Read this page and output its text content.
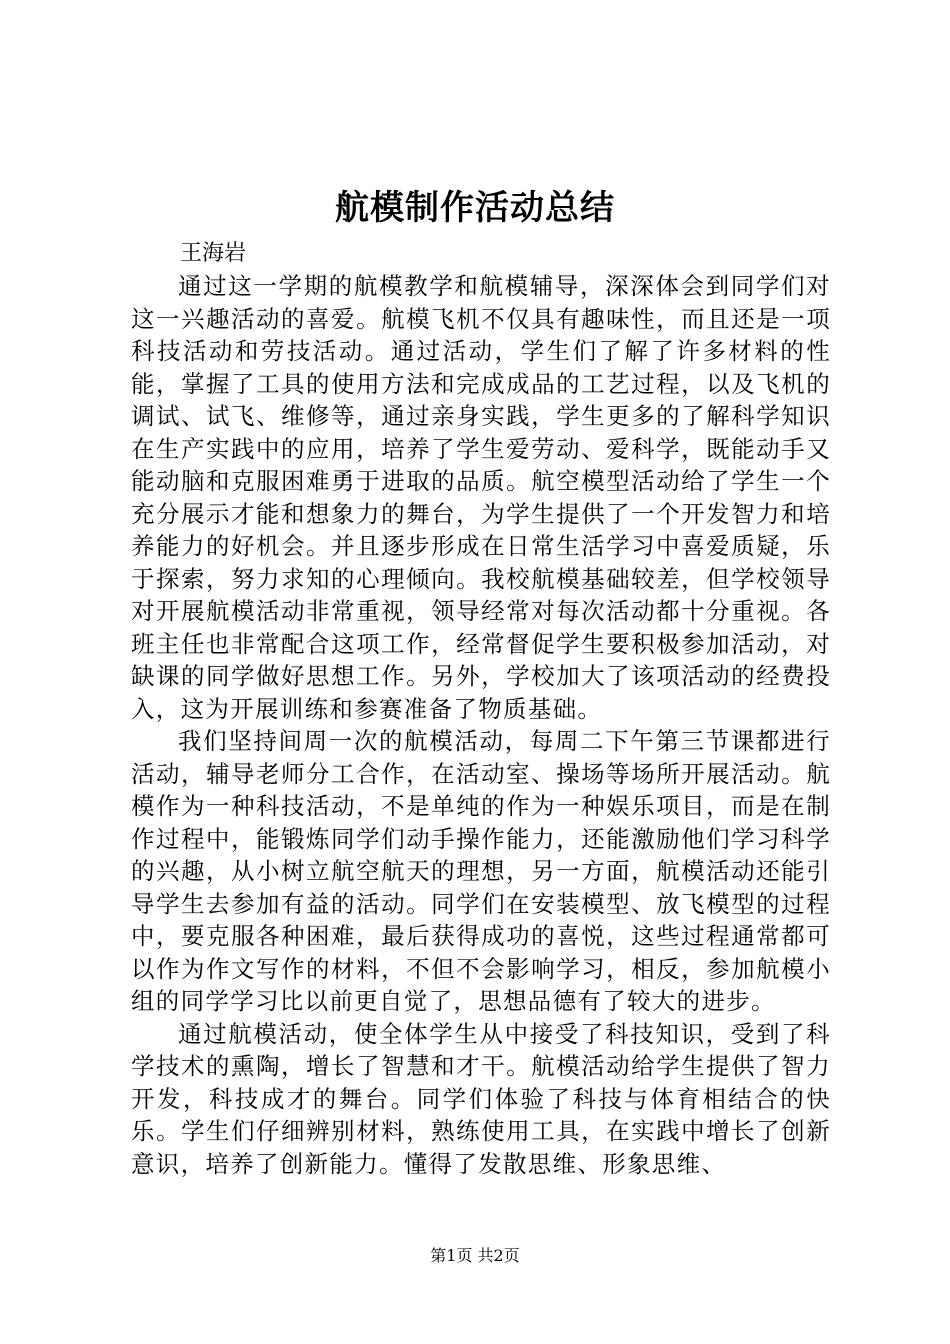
航模制作活动总结

王海岩

通过这一学期的航模教学和航模辅导，深深体会到同学们对这一兴趣活动的喜爱。航模飞机不仅具有趣味性，而且还是一项科技活动和劳技活动。通过活动，学生们了解了许多材料的性能，掌握了工具的使用方法和完成成品的工艺过程，以及飞机的调试、试飞、维修等，通过亲身实践，学生更多的了解科学知识在生产实践中的应用，培养了学生爱劳动、爱科学，既能动手又能动脑和克服困难勇于进取的品质。航空模型活动给了学生一个充分展示才能和想象力的舞台，为学生提供了一个开发智力和培养能力的好机会。并且逐步形成在日常生活学习中喜爱质疑，乐于探索，努力求知的心理倾向。我校航模基础较差，但学校领导对开展航模活动非常重视，领导经常对每次活动都十分重视。各班主任也非常配合这项工作，经常督促学生要积极参加活动，对缺课的同学做好思想工作。另外，学校加大了该项活动的经费投入，这为开展训练和参赛准备了物质基础。

我们坚持间周一次的航模活动，每周二下午第三节课都进行活动，辅导老师分工合作，在活动室、操场等场所开展活动。航模作为一种科技活动，不是单纯的作为一种娱乐项目，而是在制作过程中，能锻炼同学们动手操作能力，还能激励他们学习科学的兴趣，从小树立航空航天的理想，另一方面，航模活动还能引导学生去参加有益的活动。同学们在安装模型、放飞模型的过程中，要克服各种困难，最后获得成功的喜悦，这些过程通常都可以作为作文写作的材料，不但不会影响学习，相反，参加航模小组的同学学习比以前更自觉了，思想品德有了较大的进步。

通过航模活动，使全体学生从中接受了科技知识，受到了科学技术的熏陶，增长了智慧和才干。航模活动给学生提供了智力开发，科技成才的舞台。同学们体验了科技与体育相结合的快乐。学生们仔细辨别材料，熟练使用工具，在实践中增长了创新意识，培养了创新能力。懂得了发散思维、形象思维、

第1页 共2页
